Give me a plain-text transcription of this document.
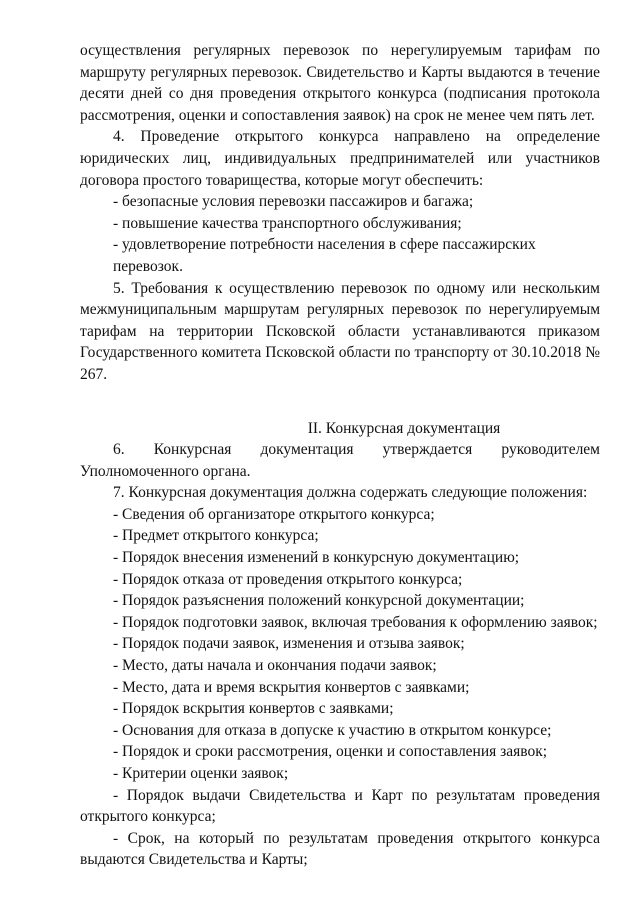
осуществления регулярных перевозок по нерегулируемым тарифам по маршруту регулярных перевозок. Свидетельство и Карты выдаются в течение десяти дней со дня проведения открытого конкурса (подписания протокола рассмотрения, оценки и сопоставления заявок) на срок не менее чем пять лет.

4. Проведение открытого конкурса направлено на определение юридических лиц, индивидуальных предпринимателей или участников договора простого товарищества, которые могут обеспечить:

- безопасные условия перевозки пассажиров и багажа;

- повышение качества транспортного обслуживания;

- удовлетворение потребности населения в сфере пассажирских перевозок.

5. Требования к осуществлению перевозок по одному или нескольким межмуниципальным маршрутам регулярных перевозок по нерегулируемым тарифам на территории Псковской области устанавливаются приказом Государственного комитета Псковской области по транспорту от 30.10.2018 № 267.

II. Конкурсная документация

6. Конкурсная документация утверждается руководителем Уполномоченного органа.

7. Конкурсная документация должна содержать следующие положения:

- Сведения об организаторе открытого конкурса;

- Предмет открытого конкурса;

- Порядок внесения изменений в конкурсную документацию;

- Порядок отказа от проведения открытого конкурса;

- Порядок разъяснения положений конкурсной документации;

- Порядок подготовки заявок, включая требования к оформлению заявок;

- Порядок подачи заявок, изменения и отзыва заявок;

- Место, даты начала и окончания подачи заявок;

- Место, дата и время вскрытия конвертов с заявками;

- Порядок вскрытия конвертов с заявками;

- Основания для отказа в допуске к участию в открытом конкурсе;

- Порядок и сроки рассмотрения, оценки и сопоставления заявок;

- Критерии оценки заявок;

- Порядок выдачи Свидетельства и Карт по результатам проведения открытого конкурса;

- Срок, на который по результатам проведения открытого конкурса выдаются Свидетельства и Карты;
